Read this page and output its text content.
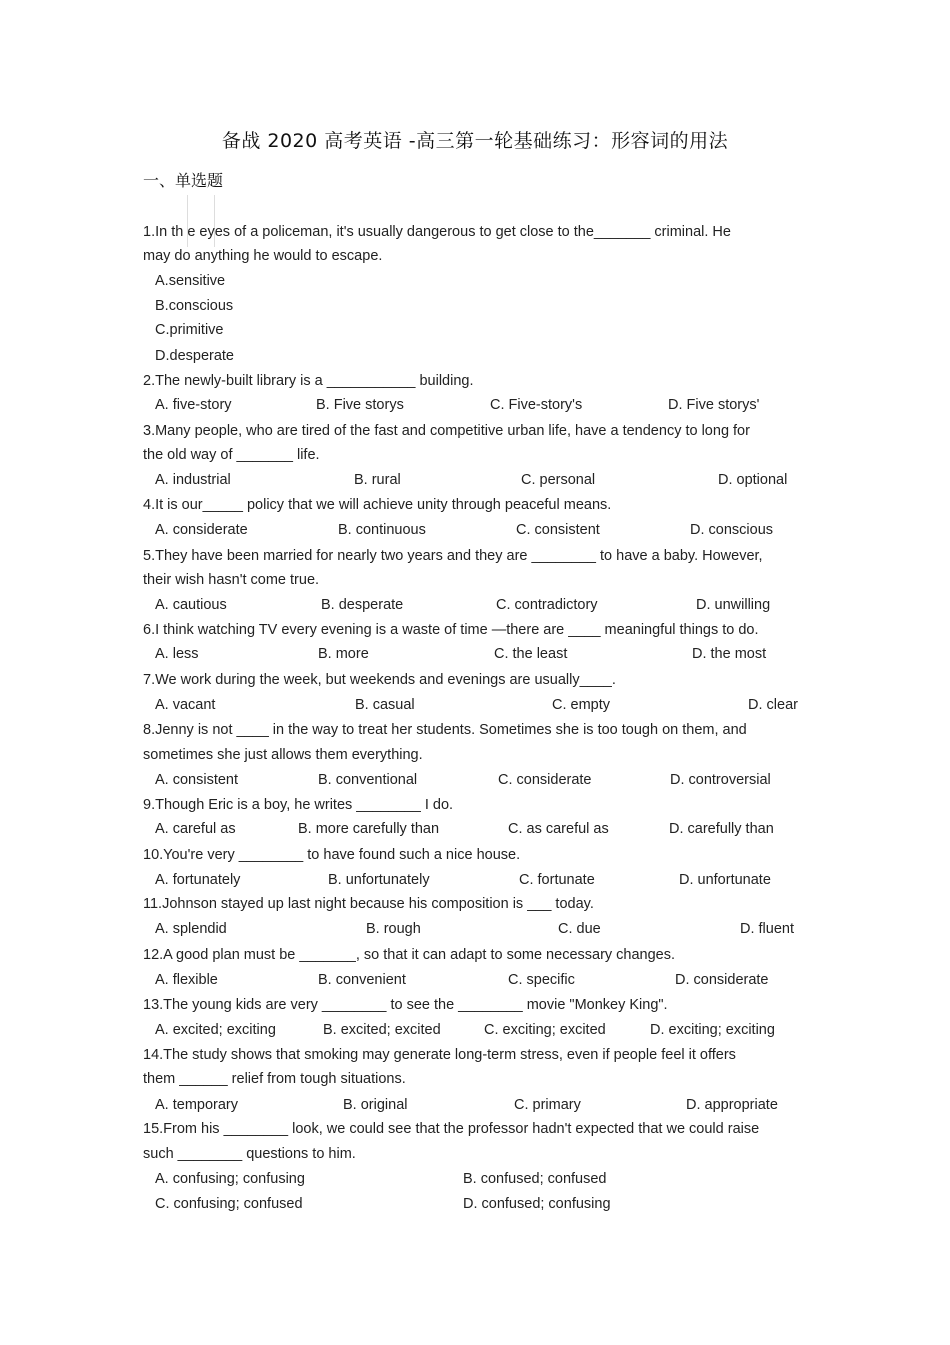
备战 2020 高考英语 -高三第一轮基础练习：形容词的用法
一、单选题
1.In th e eyes of a policeman, it's usually dangerous to get close to the_______ criminal. He
may do anything he would to escape.
A.sensitive
B.conscious
C.primitive
D.desperate
2.The newly-built library is a ___________ building.
A. five-story	B. Five storys	C. Five-story's	D. Five storys'
3.Many people, who are tired of the fast and competitive urban life, have a tendency to long for
the old way of _______ life.
A. industrial	B. rural	C. personal	D. optional
4.It is our_____ policy that we will achieve unity through peaceful means.
A. considerate	B. continuous	C. consistent	D. conscious
5.They have been married for nearly two years and they are ________ to have a baby. However,
their wish hasn't come true.
A. cautious	B. desperate	C. contradictory	D. unwilling
6.I think watching TV every evening is a waste of time —there are ____ meaningful things to do.
A. less	B. more	C. the least	D. the most
7.We work during the week, but weekends and evenings are usually____.
A. vacant	B. casual	C. empty	D. clear
8.Jenny is not ____ in the way to treat her students. Sometimes she is too tough on them, and
sometimes she just allows them everything.
A. consistent	B. conventional	C. considerate	D. controversial
9.Though Eric is a boy, he writes ________ I do.
A. careful as	B. more carefully than	C. as careful as	D. carefully than
10.You're very ________ to have found such a nice house.
A. fortunately	B. unfortunately	C. fortunate	D. unfortunate
11.Johnson stayed up last night because his composition is ___ today.
A. splendid	B. rough	C. due	D. fluent
12.A good plan must be _______, so that it can adapt to some necessary changes.
A. flexible	B. convenient	C. specific	D. considerate
13.The young kids are very ________ to see the ________ movie "Monkey King".
A. excited; exciting	B. excited; excited	C. exciting; excited	D. exciting; exciting
14.The study shows that smoking may generate long-term stress, even if people feel it offers
them ______ relief from tough situations.
A. temporary	B. original	C. primary	D. appropriate
15.From his ________ look, we could see that the professor hadn't expected that we could raise
such ________ questions to him.
A. confusing; confusing	B. confused; confused
C. confusing; confused	D. confused; confusing
